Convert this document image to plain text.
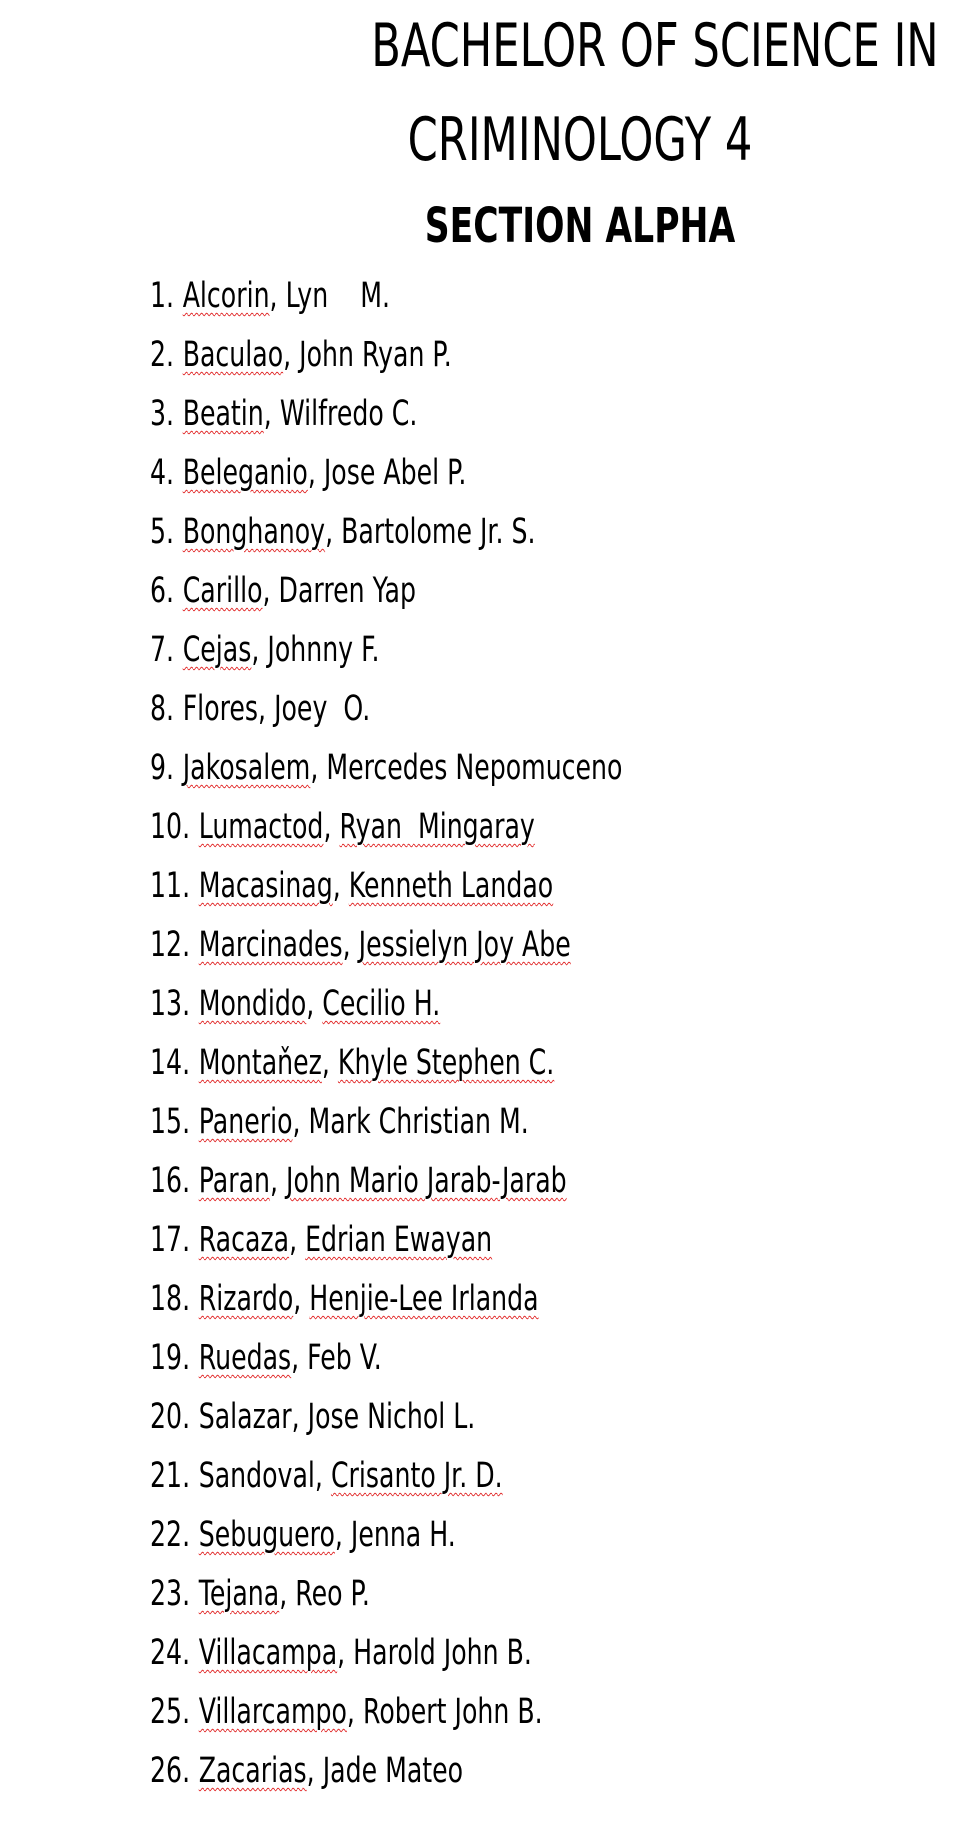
BACHELOR OF SCIENCE IN
CRIMINOLOGY 4
SECTION ALPHA
1. Alcorin, Lyn    M.
2. Baculao, John Ryan P.
3. Beatin, Wilfredo C.
4. Beleganio, Jose Abel P.
5. Bonghanoy, Bartolome Jr. S.
6. Carillo, Darren Yap
7. Cejas, Johnny F.
8. Flores, Joey  O.
9. Jakosalem, Mercedes Nepomuceno
10. Lumactod, Ryan  Mingaray
11. Macasinag, Kenneth Landao
12. Marcinades, Jessielyn Joy Abe
13. Mondido, Cecilio H.
14. Montaňez, Khyle Stephen C.
15. Panerio, Mark Christian M.
16. Paran, John Mario Jarab-Jarab
17. Racaza, Edrian Ewayan
18. Rizardo, Henjie-Lee Irlanda
19. Ruedas, Feb V.
20. Salazar, Jose Nichol L.
21. Sandoval, Crisanto Jr. D.
22. Sebuguero, Jenna H.
23. Tejana, Reo P.
24. Villacampa, Harold John B.
25. Villarcampo, Robert John B.
26. Zacarias, Jade Mateo
